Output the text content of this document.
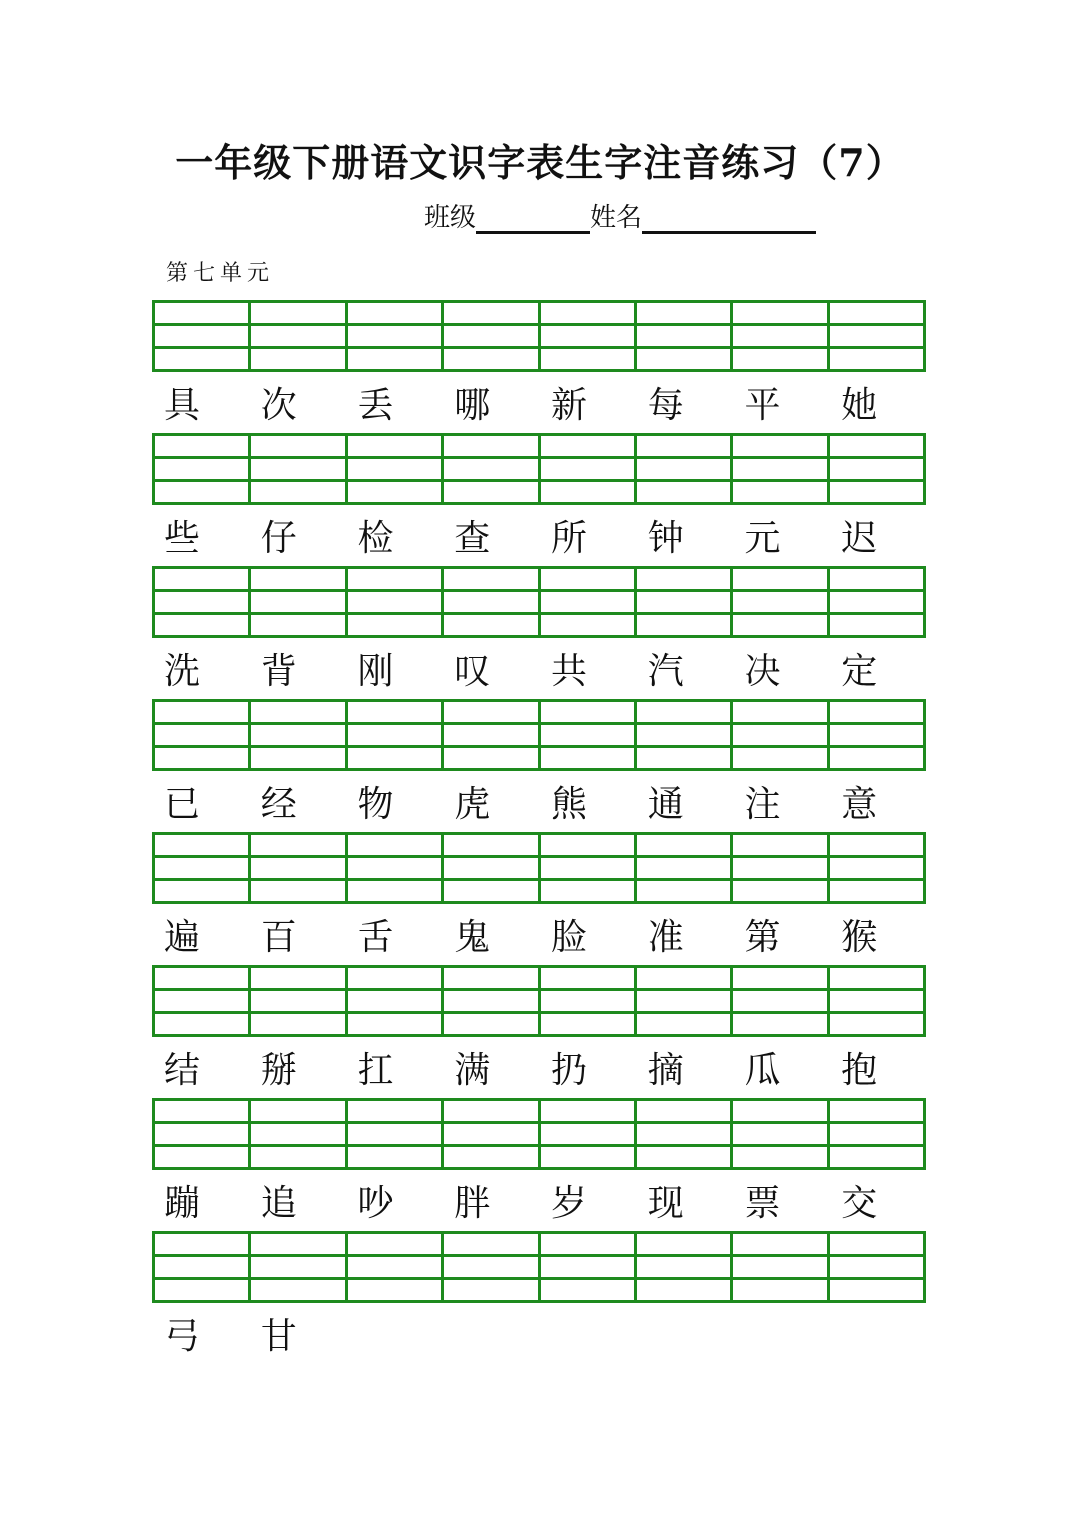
一年级下册语文识字表生字注音练习（7）
班级	姓名
第七单元
具	次	丢	哪	新	每	平	她
些	仔	检	查	所	钟	元	迟
洗	背	刚	叹	共	汽	决	定
已	经	物	虎	熊	通	注	意
遍	百	舌	鬼	脸	准	第	猴
结	掰	扛	满	扔	摘	瓜	抱
蹦	追	吵	胖	岁	现	票	交
弓	甘
